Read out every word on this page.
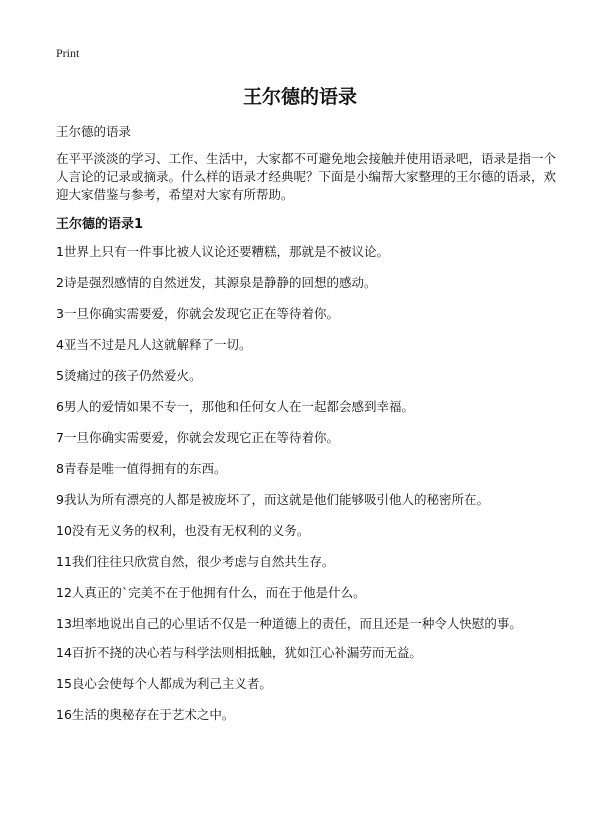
Print
王尔德的语录
王尔德的语录

在平平淡淡的学习、工作、生活中，大家都不可避免地会接触并使用语录吧，语录是指一个人言论的记录或摘录。什么样的语录才经典呢？下面是小编帮大家整理的王尔德的语录，欢迎大家借鉴与参考，希望对大家有所帮助。

王尔德的语录1
1世界上只有一件事比被人议论还要糟糕，那就是不被议论。
2诗是强烈感情的自然迸发，其源泉是静静的回想的感动。
3一旦你确实需要爱，你就会发现它正在等待着你。
4亚当不过是凡人这就解释了一切。
5烫痛过的孩子仍然爱火。
6男人的爱情如果不专一，那他和任何女人在一起都会感到幸福。
7一旦你确实需要爱，你就会发现它正在等待着你。
8青春是唯一值得拥有的东西。
9我认为所有漂亮的人都是被庞坏了，而这就是他们能够吸引他人的秘密所在。
10没有无义务的权利，也没有无权利的义务。
11我们往往只欣赏自然，很少考虑与自然共生存。
12人真正的`完美不在于他拥有什么，而在于他是什么。
13坦率地说出自己的心里话不仅是一种道德上的责任，而且还是一种令人快慰的事。
14百折不挠的决心若与科学法则相抵触，犹如江心补漏劳而无益。
15良心会使每个人都成为利己主义者。
16生活的奥秘存在于艺术之中。
